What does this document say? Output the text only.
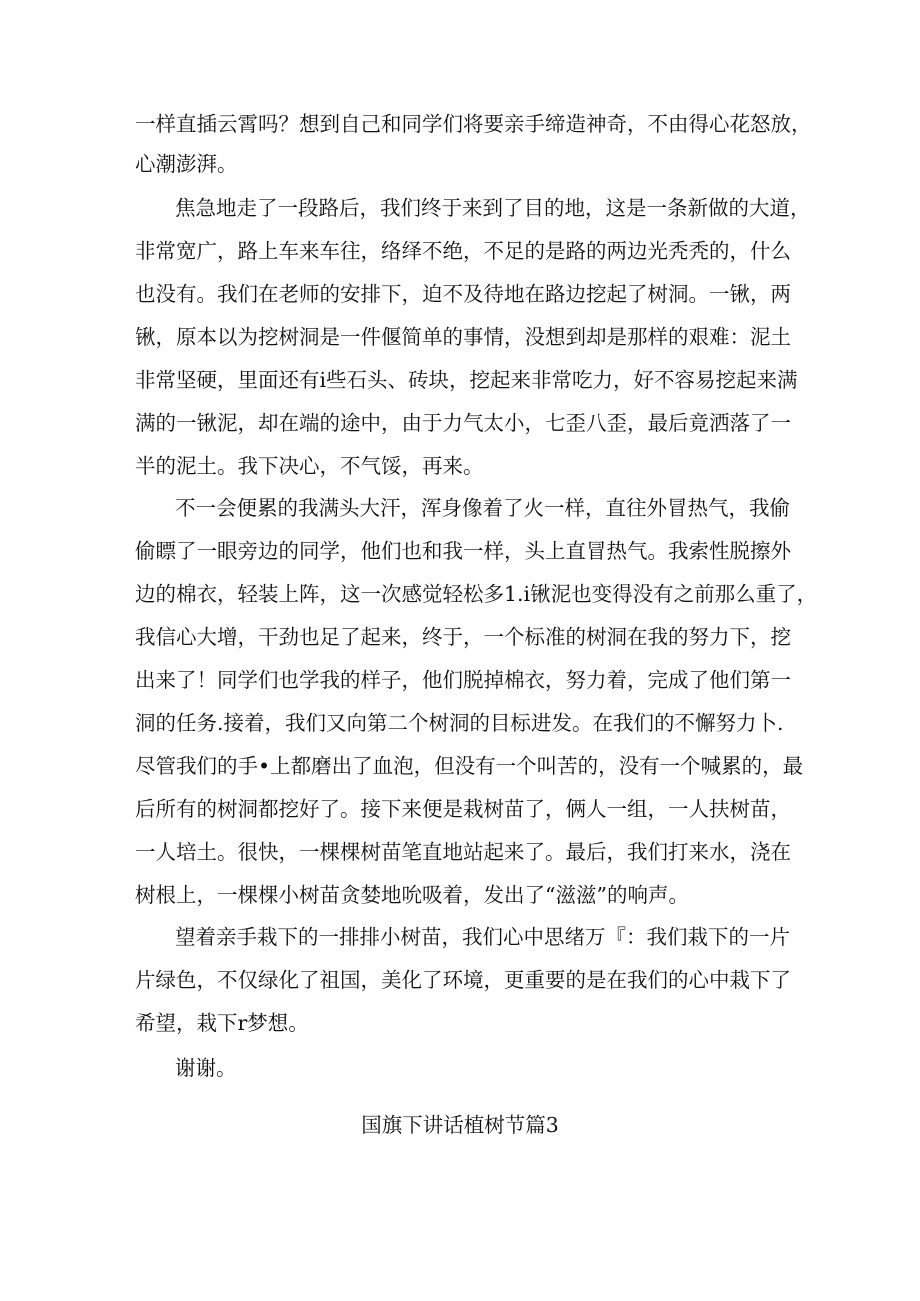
一样直插云霄吗？想到自己和同学们将要亲手缔造神奇，不由得心花怒放，
心潮澎湃。
焦急地走了一段路后，我们终于来到了目的地，这是一条新做的大道，
非常宽广，路上车来车往，络绎不绝，不足的是路的两边光秃秃的，什么
也没有。我们在老师的安排下，迫不及待地在路边挖起了树洞。一锹，两
锹，原本以为挖树洞是一件偃简单的事情，没想到却是那样的艰难：泥土
非常坚硬，里面还有i些石头、砖块，挖起来非常吃力，好不容易挖起来满
满的一锹泥，却在端的途中，由于力气太小，七歪八歪，最后竟洒落了一
半的泥土。我下决心，不气馁，再来。
不一会便累的我满头大汗，浑身像着了火一样，直往外冒热气，我偷
偷瞟了一眼旁边的同学，他们也和我一样，头上直冒热气。我索性脱擦外
边的棉衣，轻装上阵，这一次感觉轻松多1.i锹泥也变得没有之前那么重了，
我信心大增，干劲也足了起来，终于，一个标准的树洞在我的努力下，挖
出来了！同学们也学我的样子，他们脱掉棉衣，努力着，完成了他们第一
洞的任务.接着，我们又向第二个树洞的目标进发。在我们的不懈努力卜.
尽管我们的手•上都磨出了血泡，但没有一个叫苦的，没有一个喊累的，最
后所有的树洞都挖好了。接下来便是栽树苗了，俩人一组，一人扶树苗，
一人培土。很快，一棵棵树苗笔直地站起来了。最后，我们打来水，浇在
树根上，一棵棵小树苗贪婪地吮吸着，发出了“滋滋”的响声。
望着亲手栽下的一排排小树苗，我们心中思绪万『：我们栽下的一片
片绿色，不仅绿化了祖国，美化了环境，更重要的是在我们的心中栽下了
希望，栽下r梦想。
谢谢。
国旗下讲话植树节篇3
